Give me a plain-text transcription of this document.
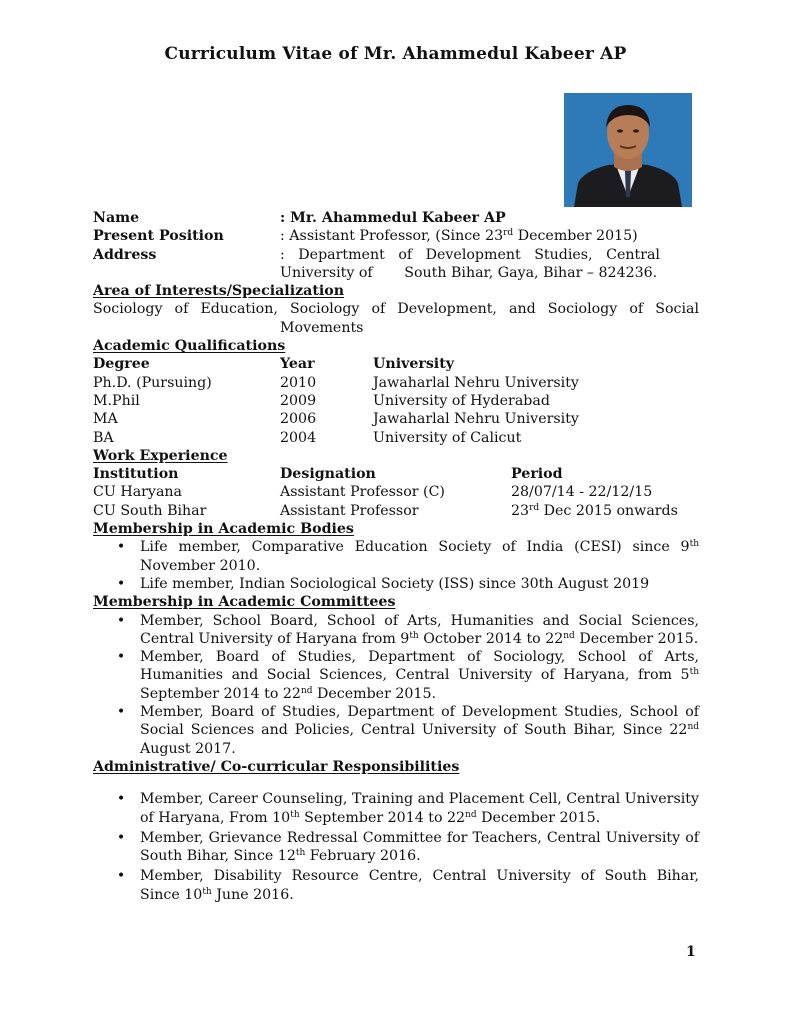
Curriculum Vitae of Mr. Ahammedul Kabeer AP
Name	: Mr. Ahammedul Kabeer AP
Present Position	: Assistant Professor, (Since 23rd December 2015)
Address	:   Department   of   Development   Studies,   Central
University of       South Bihar, Gaya, Bihar – 824236.
Area of Interests/Specialization
Sociology of Education, Sociology of Development, and Sociology of Social
Movements
Academic Qualifications
Degree	Year	University
Ph.D. (Pursuing)	2010	Jawaharlal Nehru University
M.Phil	2009	University of Hyderabad
MA	2006	Jawaharlal Nehru University
BA	2004	University of Calicut
Work Experience
Institution	Designation	Period
CU Haryana	Assistant Professor (C)	28/07/14 - 22/12/15
CU South Bihar	Assistant Professor	23rd Dec 2015 onwards
Membership in Academic Bodies
• Life member, Comparative Education Society of India (CESI) since 9th November 2010.
• Life member, Indian Sociological Society (ISS) since 30th August 2019
Membership in Academic Committees
• Member, School Board, School of Arts, Humanities and Social Sciences, Central University of Haryana from 9th October 2014 to 22nd December 2015.
• Member, Board of Studies, Department of Sociology, School of Arts, Humanities and Social Sciences, Central University of Haryana, from 5th September 2014 to 22nd December 2015.
• Member, Board of Studies, Department of Development Studies, School of Social Sciences and Policies, Central University of South Bihar, Since 22nd August 2017.
Administrative/ Co-curricular Responsibilities
• Member, Career Counseling, Training and Placement Cell, Central University of Haryana, From 10th September 2014 to 22nd December 2015.
• Member, Grievance Redressal Committee for Teachers, Central University of South Bihar, Since 12th February 2016.
• Member, Disability Resource Centre, Central University of South Bihar, Since 10th June 2016.
1
